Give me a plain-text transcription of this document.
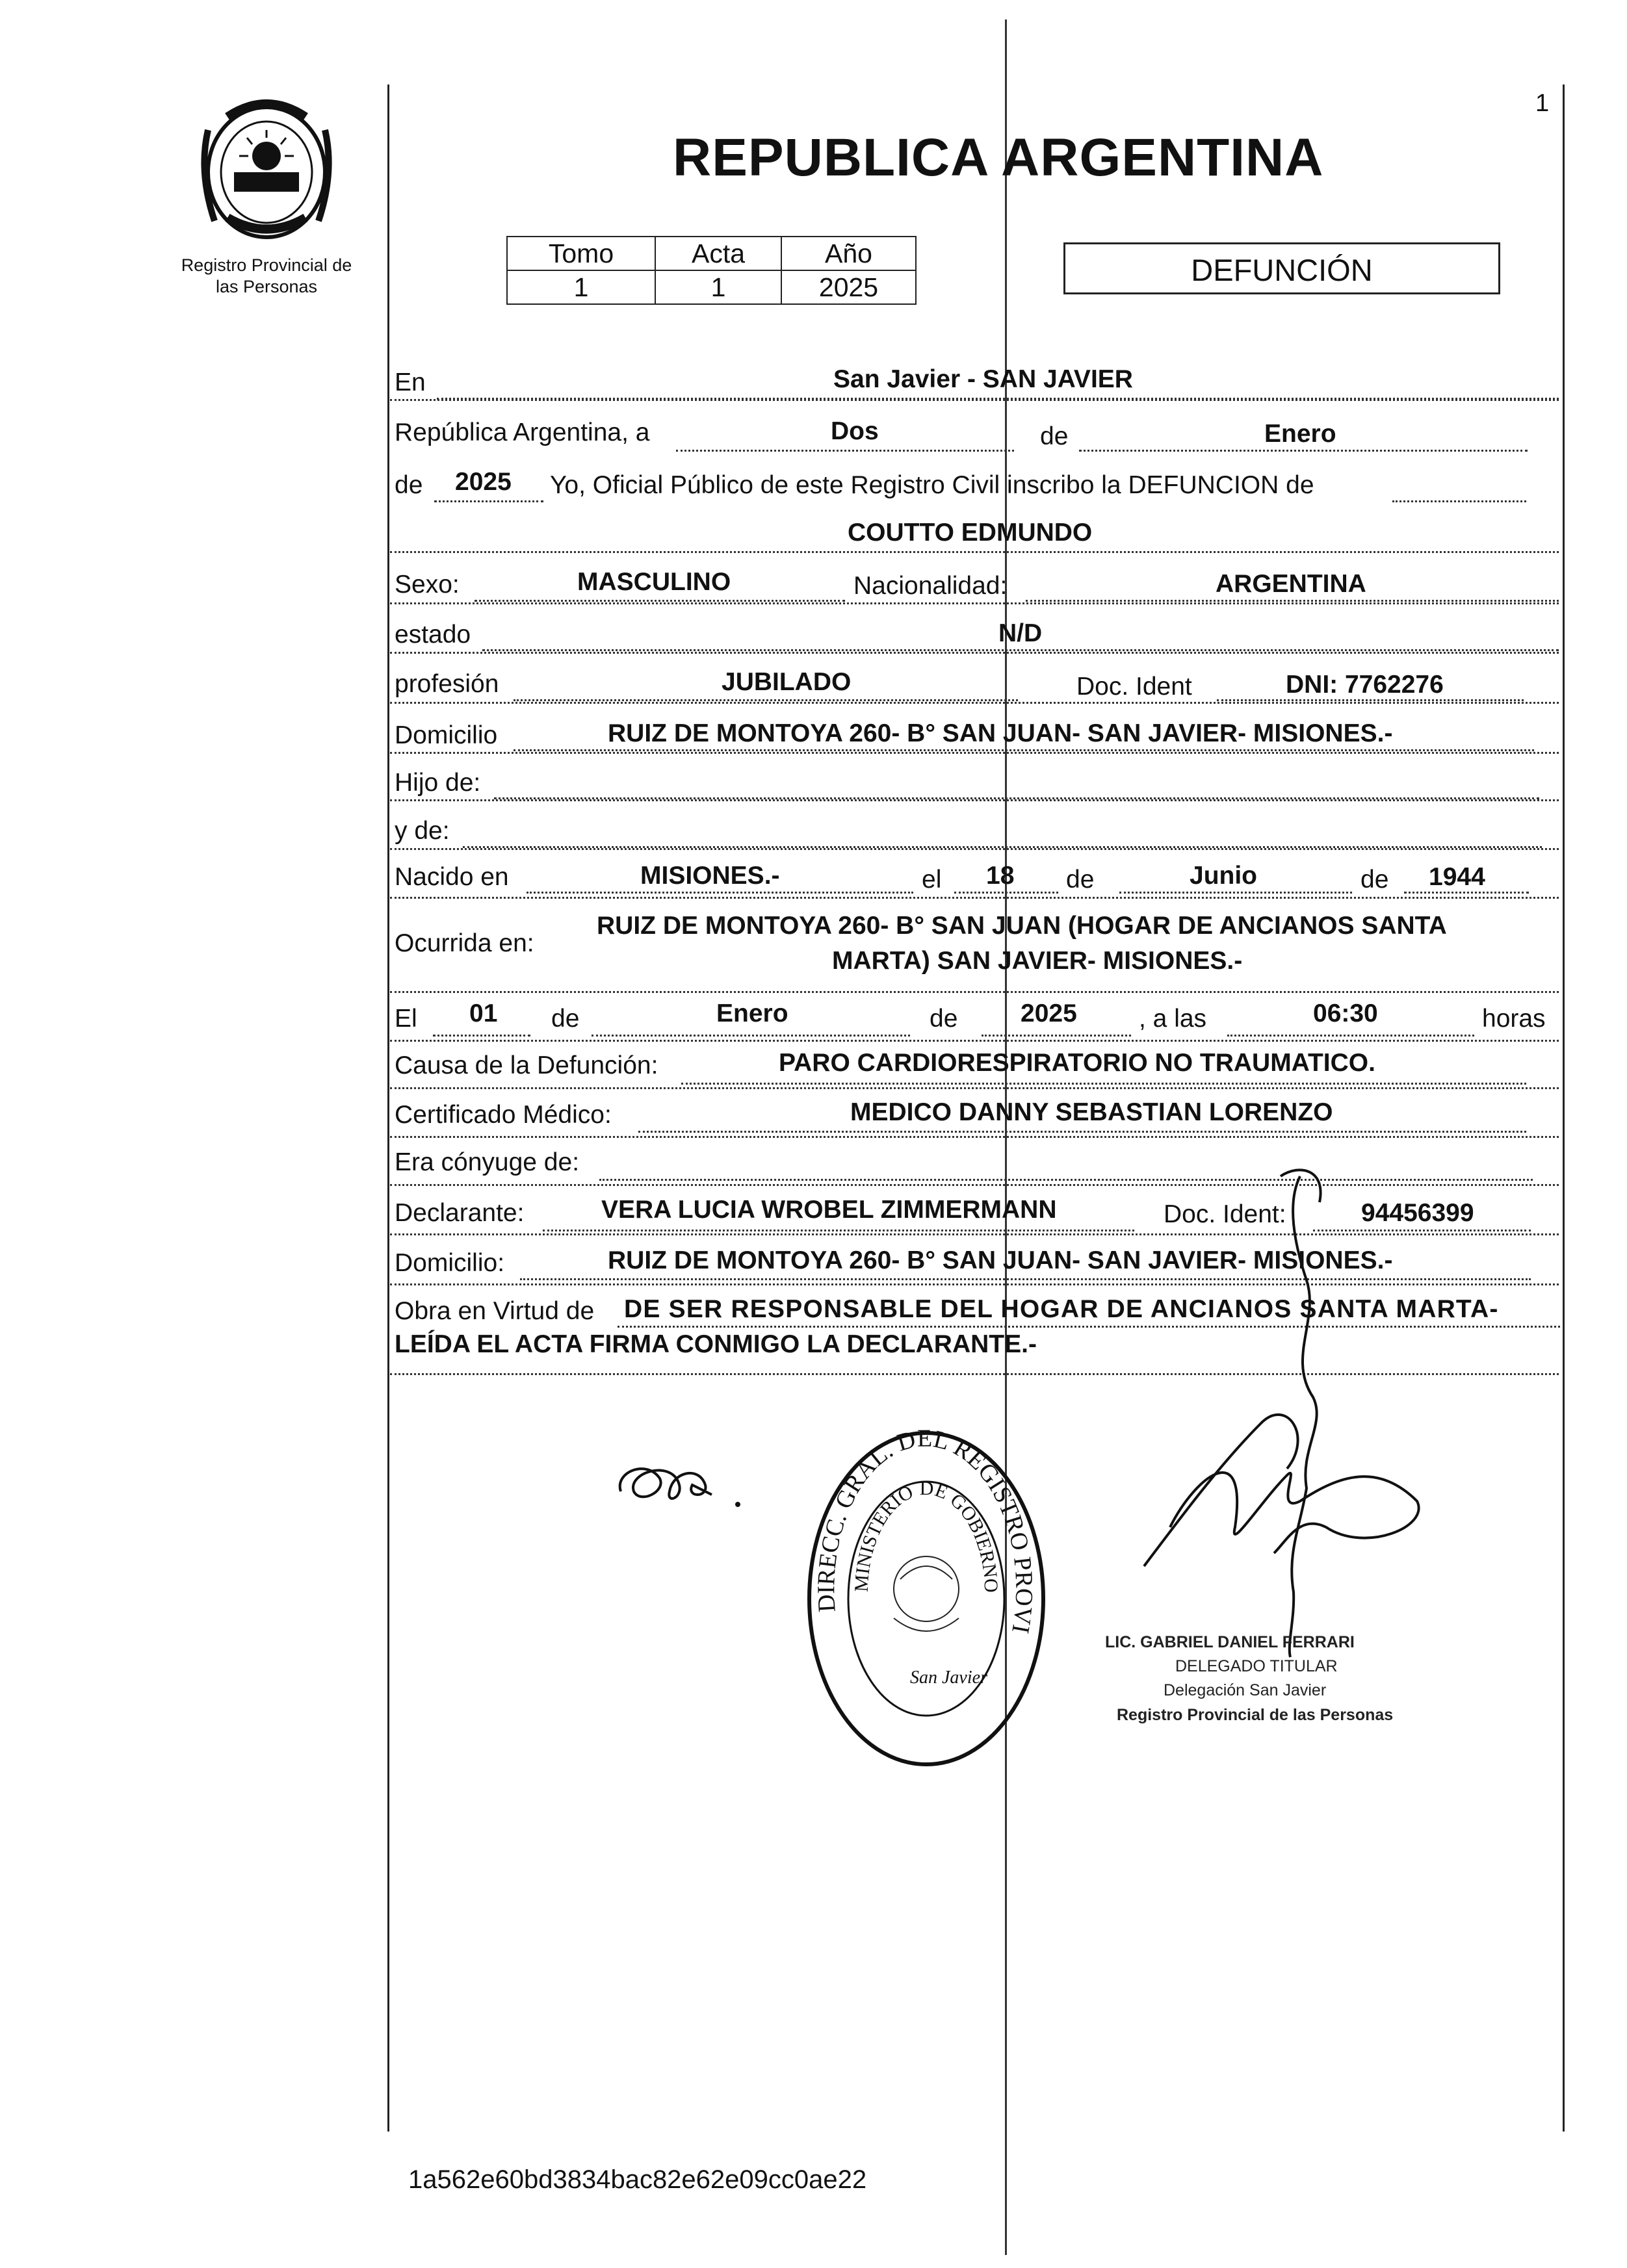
Registro Provincial de
las Personas
1
REPUBLICA ARGENTINA
Tomo	Acta	Año
1	1	2025	DEFUNCIÓN
En	San Javier - SAN JAVIER
República Argentina, a	Dos	de	Enero
de 2025 Yo, Oficial Público de este Registro Civil inscribo la DEFUNCION de
COUTTO EDMUNDO
Sexo:	MASCULINO	Nacionalidad:	ARGENTINA
estado	N/D
profesión	JUBILADO	Doc. Ident	DNI: 7762276
Domicilio	RUIZ DE MONTOYA 260- B° SAN JUAN- SAN JAVIER- MISIONES.-
Hijo de:
y de:
Nacido en	MISIONES.-	el 18 de	Junio	de 1944
Ocurrida en:
RUIZ DE MONTOYA 260- B° SAN JUAN (HOGAR DE ANCIANOS SANTA
MARTA) SAN JAVIER- MISIONES.-
El 01 de	Enero	de 2025 , a las	06:30	horas
Causa de la Defunción:	PARO CARDIORESPIRATORIO NO TRAUMATICO.
Certificado Médico:	MEDICO DANNY SEBASTIAN LORENZO
Era cónyuge de:
Declarante:	VERA LUCIA WROBEL ZIMMERMANN	Doc. Ident:	94456399
Domicilio:	RUIZ DE MONTOYA 260- B° SAN JUAN- SAN JAVIER- MISIONES.-
Obra en Virtud de DE SER RESPONSABLE DEL HOGAR DE ANCIANOS SANTA MARTA-
LEÍDA EL ACTA FIRMA CONMIGO LA DECLARANTE.-
DIRECC. GRAL. DEL REGISTRO PROVINCIAL DE LAS PERSONAS
MINISTERIO DE GOBIERNO
San Javier
LIC. GABRIEL DANIEL FERRARI
DELEGADO TITULAR
Delegación San Javier
Registro Provincial de las Personas
1a562e60bd3834bac82e62e09cc0ae22
